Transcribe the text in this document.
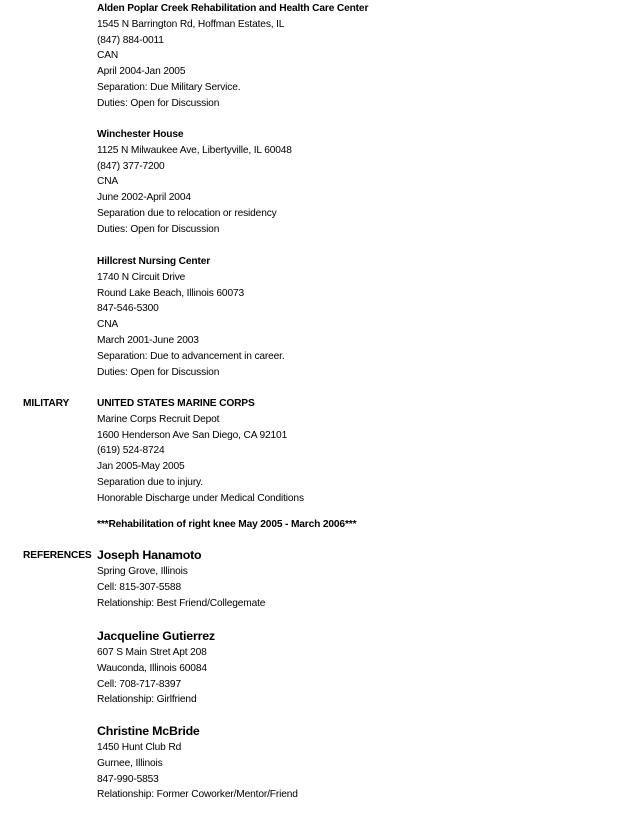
Alden Poplar Creek Rehabilitation and Health Care Center
1545 N Barrington Rd, Hoffman Estates, IL
(847) 884-0011
CAN
April 2004-Jan 2005
Separation: Due Military Service.
Duties: Open for Discussion
Winchester House
1125 N Milwaukee Ave, Libertyville, IL 60048
(847) 377-7200
CNA
June 2002-April 2004
Separation due to relocation or residency
Duties: Open for Discussion
Hillcrest Nursing Center
1740 N Circuit Drive
Round Lake Beach, Illinois 60073
847-546-5300
CNA
March 2001-June 2003
Separation: Due to advancement in career.
Duties: Open for Discussion
MILITARY	UNITED STATES MARINE CORPS
Marine Corps Recruit Depot
1600 Henderson Ave San Diego, CA 92101
(619) 524-8724
Jan 2005-May 2005
Separation due to injury.
Honorable Discharge under Medical Conditions
***Rehabilitation of right knee May 2005 - March 2006***
REFERENCES Joseph Hanamoto
Spring Grove, Illinois
Cell: 815-307-5588
Relationship: Best Friend/Collegemate
Jacqueline Gutierrez
607 S Main Stret Apt 208
Wauconda, Illinois 60084
Cell: 708-717-8397
Relationship: Girlfriend
Christine McBride
1450 Hunt Club Rd
Gurnee, Illinois
847-990-5853
Relationship: Former Coworker/Mentor/Friend
